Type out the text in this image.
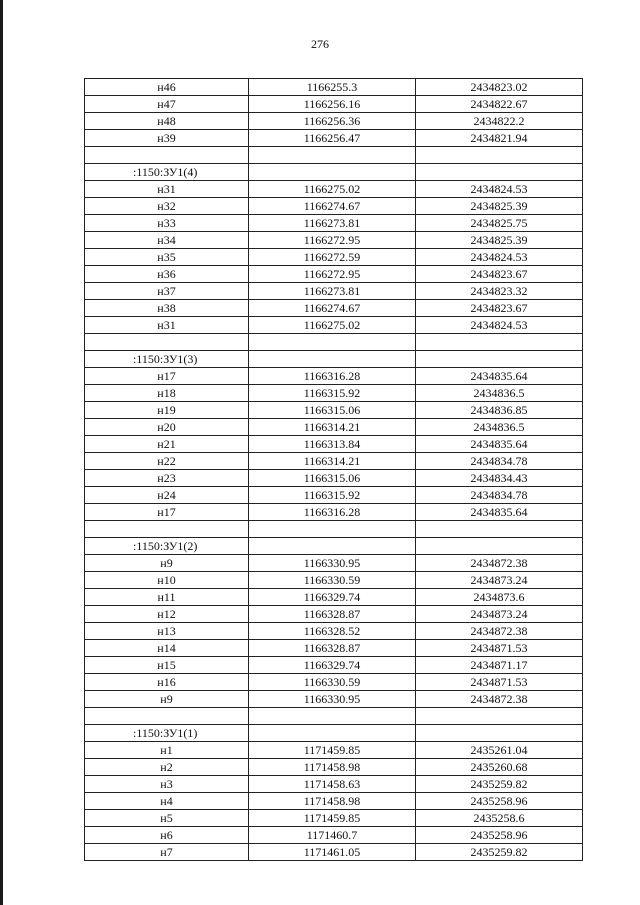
276
н46	1166255.3	2434823.02
н47	1166256.16	2434822.67
н48	1166256.36	2434822.2
н39	1166256.47	2434821.94

:1150:ЗУ1(4)		
н31	1166275.02	2434824.53
н32	1166274.67	2434825.39
н33	1166273.81	2434825.75
н34	1166272.95	2434825.39
н35	1166272.59	2434824.53
н36	1166272.95	2434823.67
н37	1166273.81	2434823.32
н38	1166274.67	2434823.67
н31	1166275.02	2434824.53

:1150:ЗУ1(3)		
н17	1166316.28	2434835.64
н18	1166315.92	2434836.5
н19	1166315.06	2434836.85
н20	1166314.21	2434836.5
н21	1166313.84	2434835.64
н22	1166314.21	2434834.78
н23	1166315.06	2434834.43
н24	1166315.92	2434834.78
н17	1166316.28	2434835.64

:1150:ЗУ1(2)		
н9	1166330.95	2434872.38
н10	1166330.59	2434873.24
н11	1166329.74	2434873.6
н12	1166328.87	2434873.24
н13	1166328.52	2434872.38
н14	1166328.87	2434871.53
н15	1166329.74	2434871.17
н16	1166330.59	2434871.53
н9	1166330.95	2434872.38

:1150:ЗУ1(1)		
н1	1171459.85	2435261.04
н2	1171458.98	2435260.68
н3	1171458.63	2435259.82
н4	1171458.98	2435258.96
н5	1171459.85	2435258.6
н6	1171460.7	2435258.96
н7	1171461.05	2435259.82
